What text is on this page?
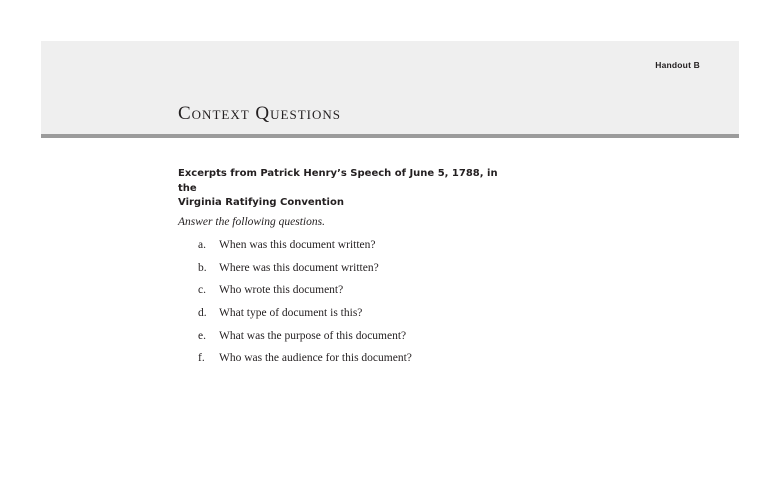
Handout B
Context Questions
Excerpts from Patrick Henry’s Speech of June 5, 1788, in the
Virginia Ratifying Convention
Answer the following questions.
a.	When was this document written?
b.	Where was this document written?
c.	Who wrote this document?
d.	What type of document is this?
e.	What was the purpose of this document?
f.	Who was the audience for this document?
